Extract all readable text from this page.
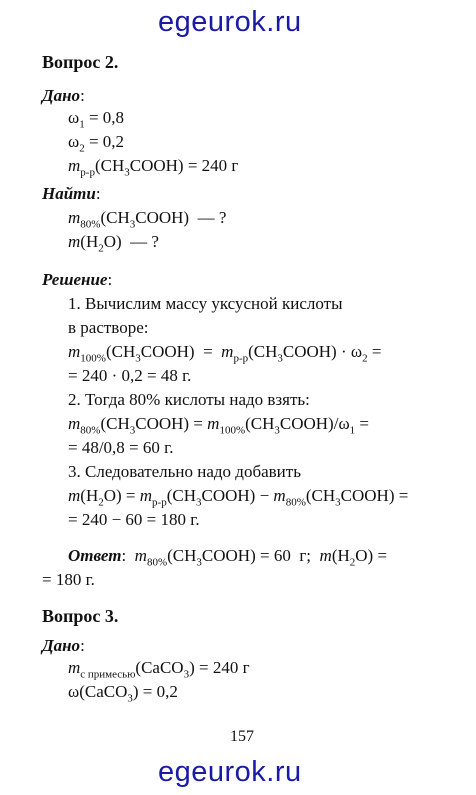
egeurok.ru
Вопрос 2.
Дано:
$\omega_1 = 0,8$
$\omega_2 = 0,2$
$m_{р-р}(CH_3COOH) = 240$ г
Найти:
$m_{80\%}(CH_3COOH)$  — ?
$m(H_2O)$  — ?
Решение:
1. Вычислим массу уксусной кислоты
в растворе:
$m_{100\%}(CH_3COOH)$  =  $m_{р-р}(CH_3COOH) \cdot \omega_2$ =
= 240 · 0,2 = 48 г.
2. Тогда 80% кислоты надо взять:
$m_{80\%}(CH_3COOH)$ = $m_{100\%}(CH_3COOH)/\omega_1$ =
= 48/0,8 = 60 г.
3. Следовательно надо добавить
$m(H_2O)$ = $m_{р-р}(CH_3COOH)$ − $m_{80\%}(CH_3COOH)$ =
= 240 − 60 = 180 г.
Ответ:  $m_{80\%}(CH_3COOH) = 60$  г;  $m(H_2O)$ =
= 180 г.
Вопрос 3.
Дано:
$m_{с примесью}(CaCO_3) = 240$ г
ω(CaCO$_3$) = 0,2
157
egeurok.ru
